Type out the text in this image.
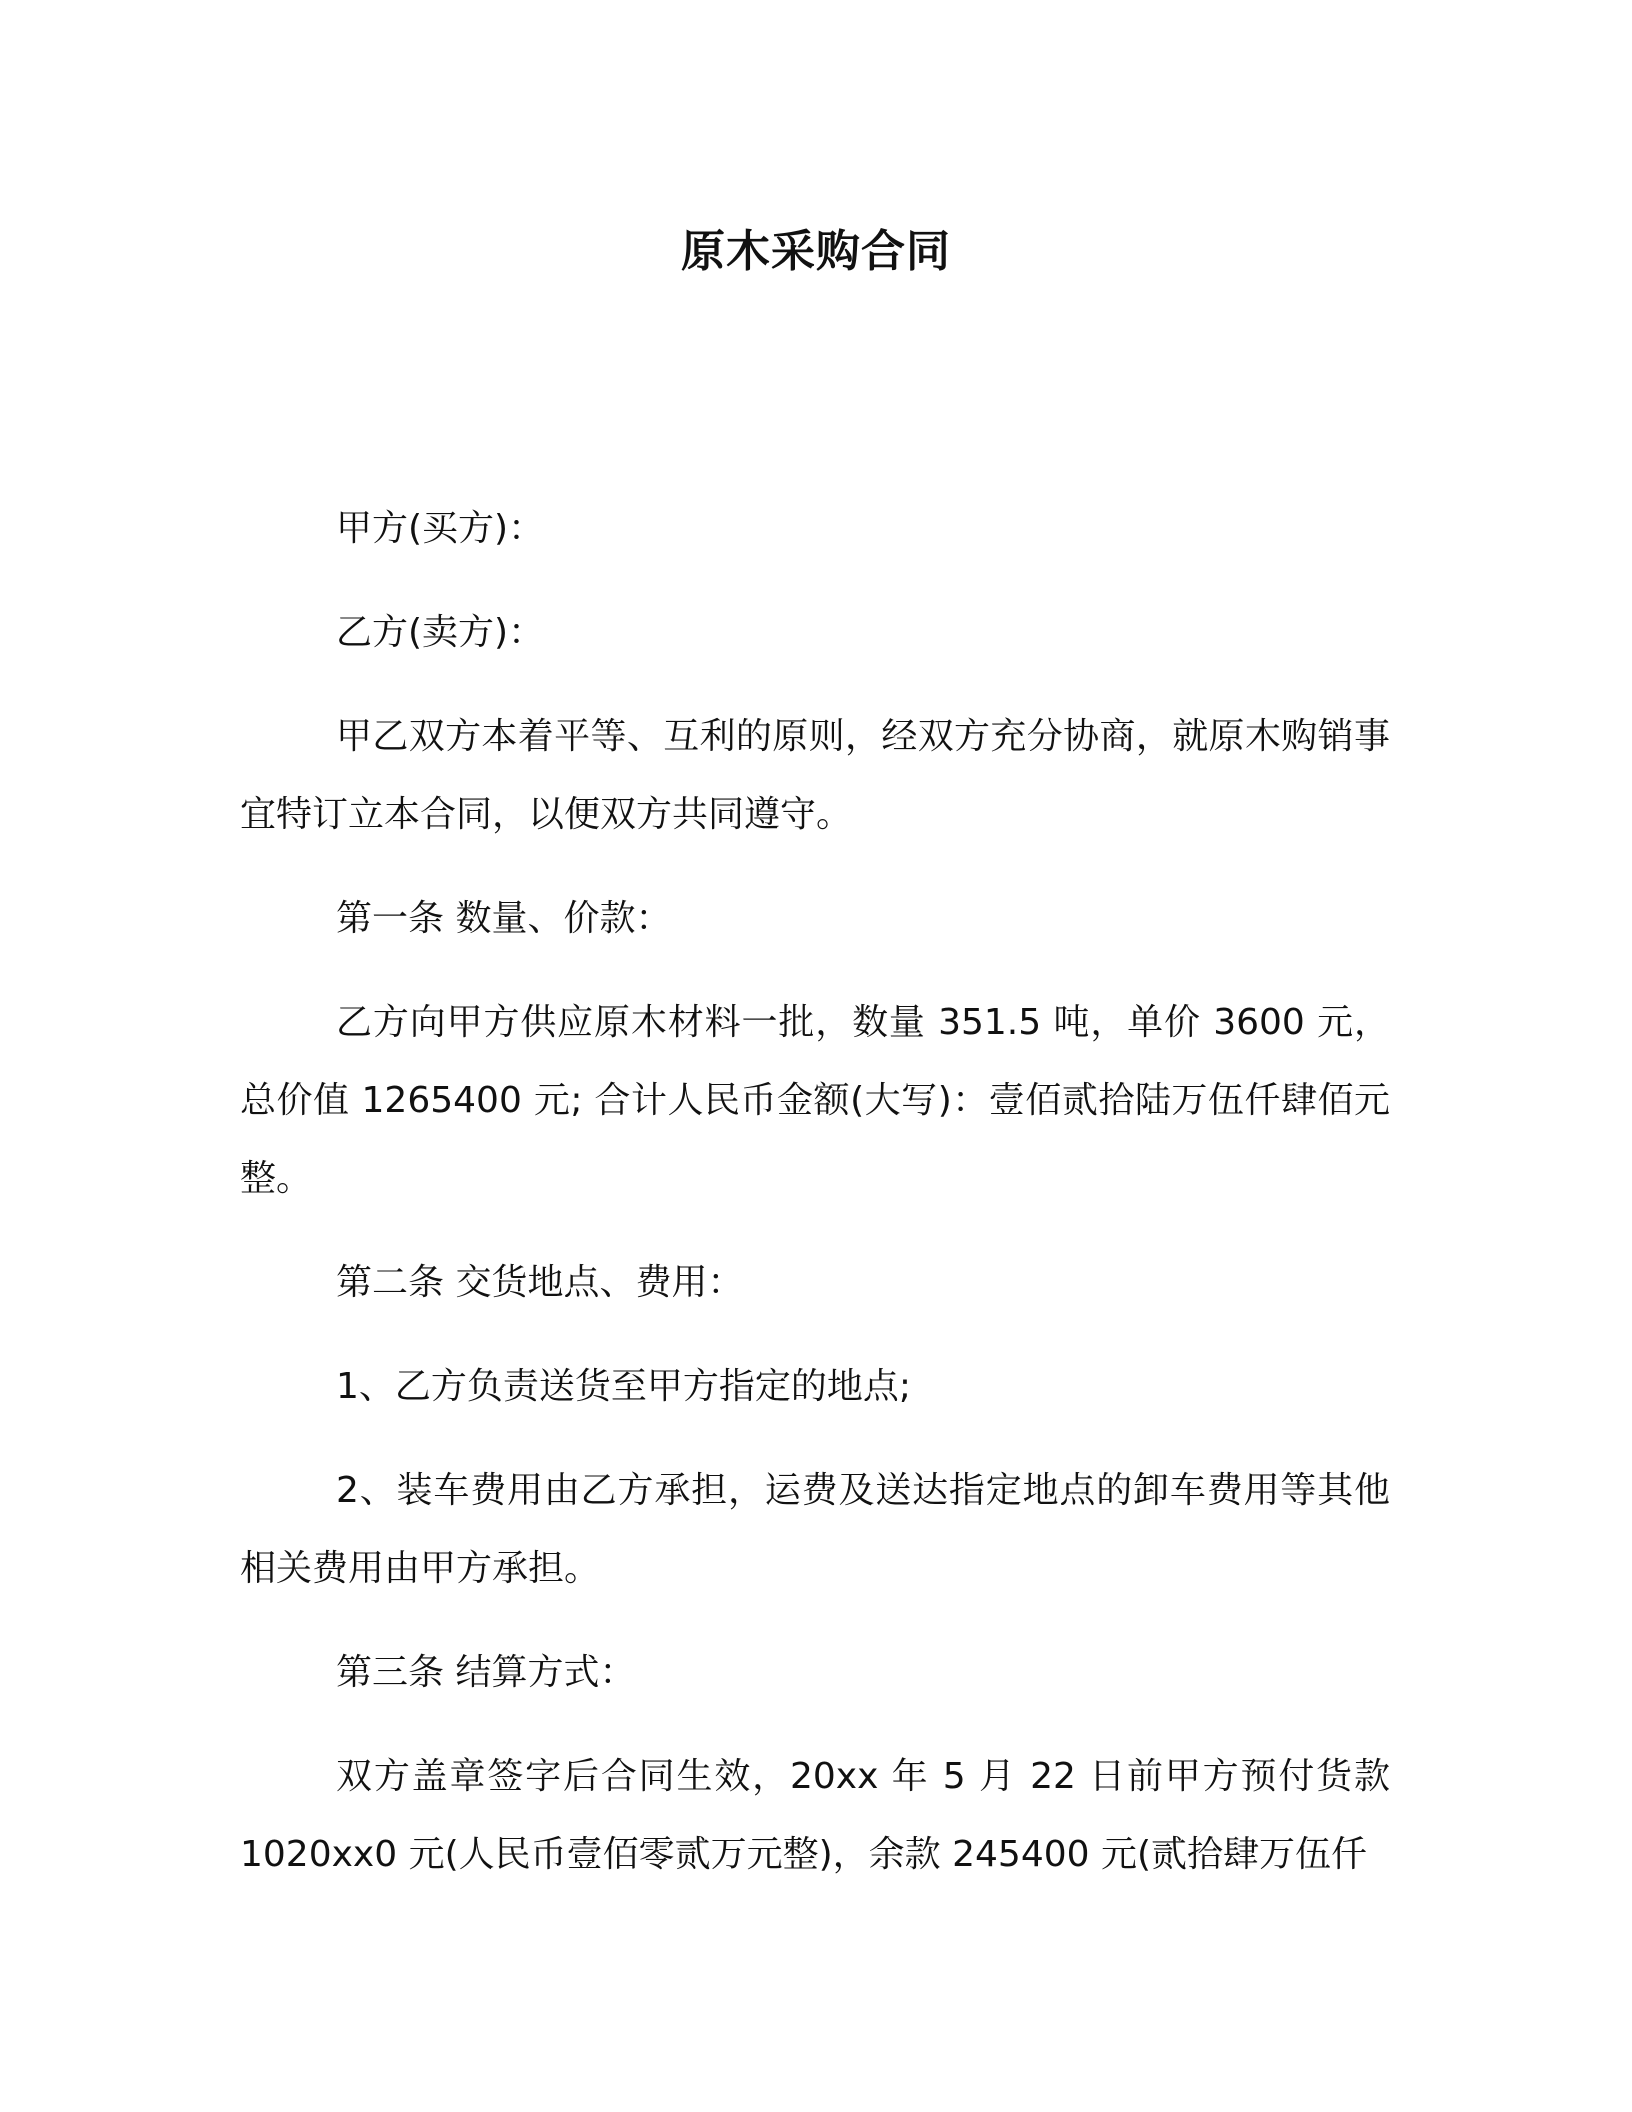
原木采购合同

甲方(买方)：

乙方(卖方)：

甲乙双方本着平等、互利的原则，经双方充分协商，就原木购销事宜特订立本合同，以便双方共同遵守。

第一条 数量、价款：

乙方向甲方供应原木材料一批，数量 351.5 吨，单价 3600 元，总价值 1265400 元; 合计人民币金额(大写)：壹佰贰拾陆万伍仟肆佰元整。

第二条 交货地点、费用：

1、乙方负责送货至甲方指定的地点;

2、装车费用由乙方承担，运费及送达指定地点的卸车费用等其他相关费用由甲方承担。

第三条 结算方式：

双方盖章签字后合同生效，20xx 年 5 月 22 日前甲方预付货款 1020xx0 元(人民币壹佰零贰万元整)，余款 245400 元(贰拾肆万伍仟
